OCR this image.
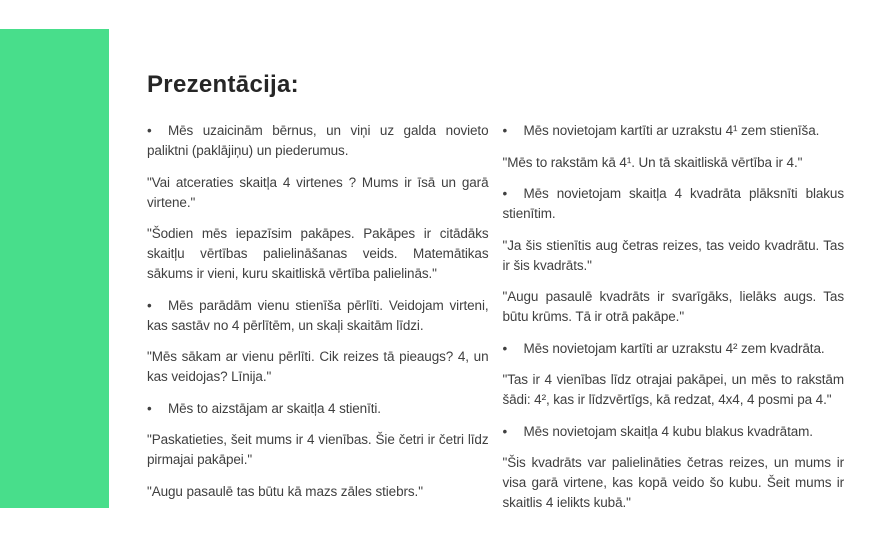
Prezentācija:

• Mēs uzaicinām bērnus, un viņi uz galda novieto paliktni (paklājiņu) un piederumus.

"Vai atceraties skaitļa 4 virtenes ? Mums ir īsā un garā virtene."

"Šodien mēs iepazīsim pakāpes. Pakāpes ir citādāks skaitļu vērtības palielināšanas veids. Matemātikas sākums ir vieni, kuru skaitliskā vērtība palielinās."

• Mēs parādām vienu stienīša pērlīti. Veidojam virteni, kas sastāv no 4 pērlītēm, un skaļi skaitām līdzi.

"Mēs sākam ar vienu pērlīti. Cik reizes tā pieaugs? 4, un kas veidojas? Līnija."

• Mēs to aizstājam ar skaitļa 4 stienīti.

"Paskatieties, šeit mums ir 4 vienības. Šie četri ir četri līdz pirmajai pakāpei."

"Augu pasaulē tas būtu kā mazs zāles stiebrs."

• Mēs novietojam kartīti ar uzrakstu 4¹ zem stienīša.

"Mēs to rakstām kā 4¹. Un tā skaitliskā vērtība ir 4."

• Mēs novietojam skaitļa 4 kvadrāta plāksnīti blakus stienītim.

"Ja šis stienītis aug četras reizes, tas veido kvadrātu. Tas ir šis kvadrāts."

"Augu pasaulē kvadrāts ir svarīgāks, lielāks augs. Tas būtu krūms. Tā ir otrā pakāpe."

• Mēs novietojam kartīti ar uzrakstu 4² zem kvadrāta.

"Tas ir 4 vienības līdz otrajai pakāpei, un mēs to rakstām šādi: 4², kas ir līdzvērtīgs, kā redzat, 4x4, 4 posmi pa 4."

• Mēs novietojam skaitļa 4 kubu blakus kvadrātam.

"Šis kvadrāts var palielināties četras reizes, un mums ir visa garā virtene, kas kopā veido šo kubu. Šeit mums ir skaitlis 4 ielikts kubā."
